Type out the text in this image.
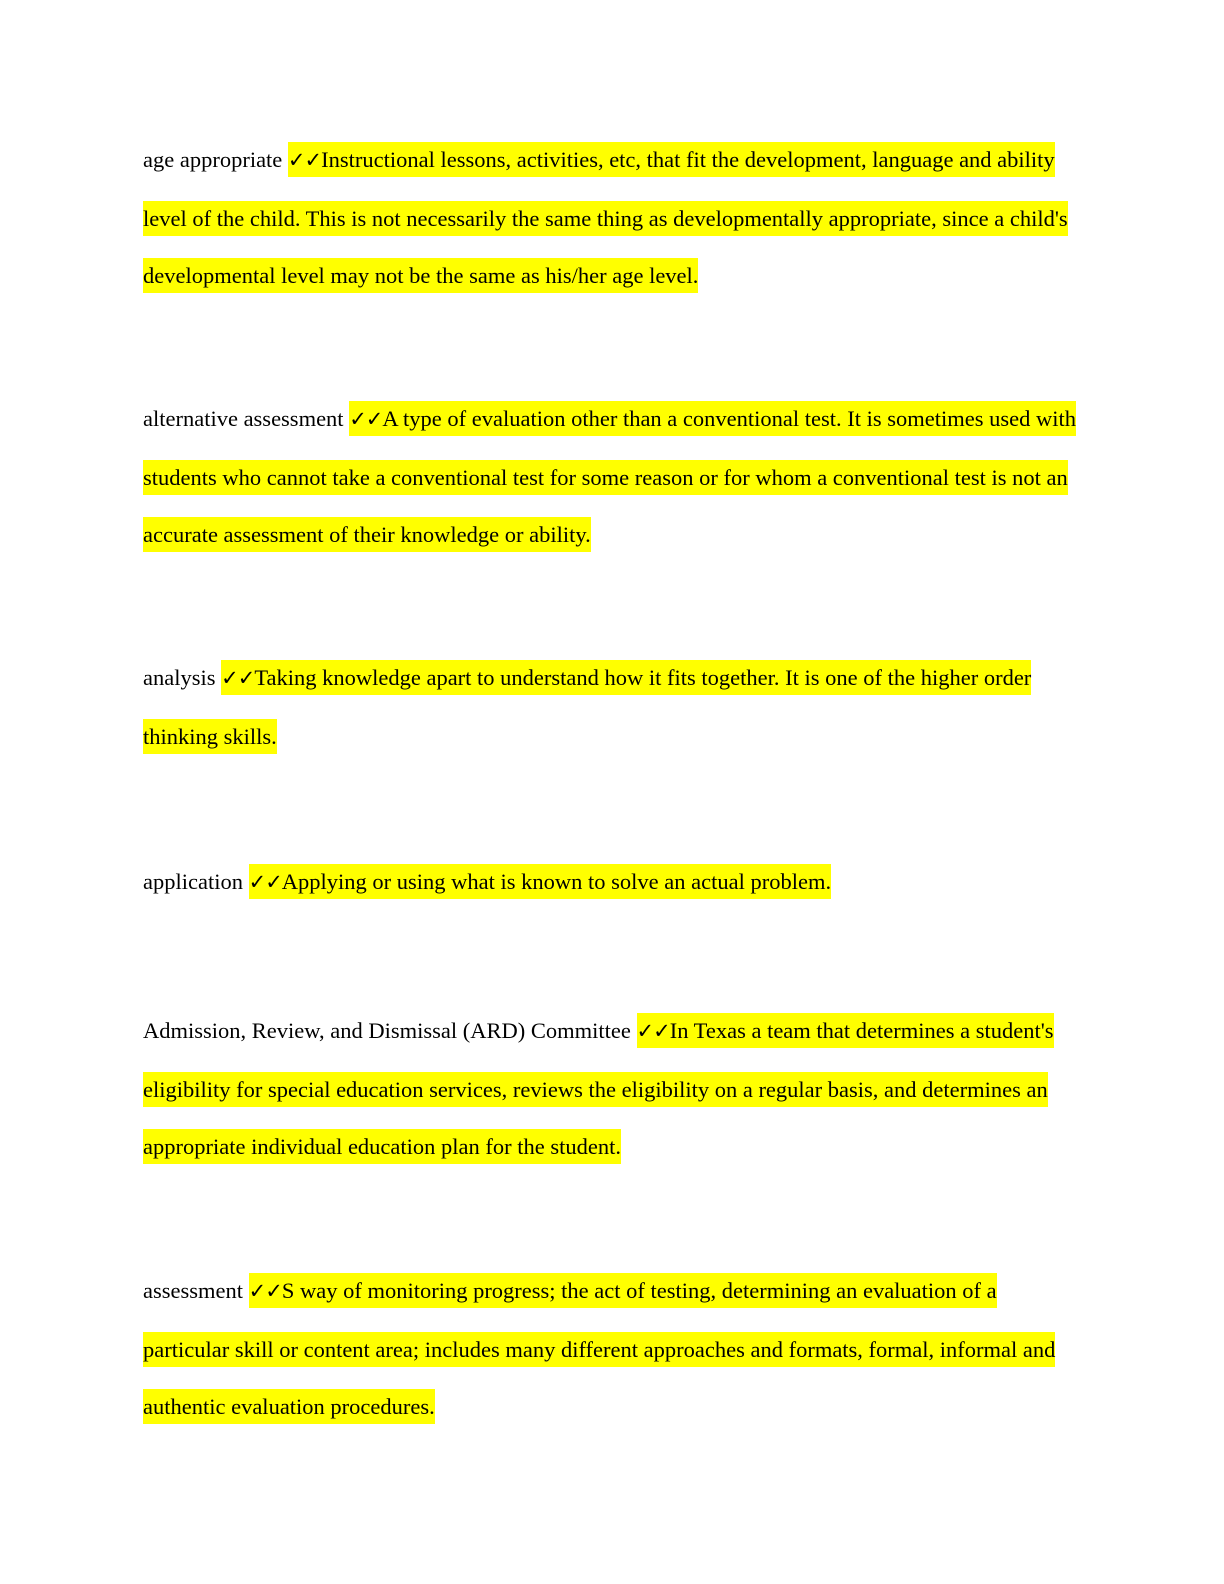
age appropriate ✓✓Instructional lessons, activities, etc, that fit the development, language and ability level of the child. This is not necessarily the same thing as developmentally appropriate, since a child's developmental level may not be the same as his/her age level.

alternative assessment ✓✓A type of evaluation other than a conventional test. It is sometimes used with students who cannot take a conventional test for some reason or for whom a conventional test is not an accurate assessment of their knowledge or ability.

analysis ✓✓Taking knowledge apart to understand how it fits together. It is one of the higher order thinking skills.

application ✓✓Applying or using what is known to solve an actual problem.

Admission, Review, and Dismissal (ARD) Committee ✓✓In Texas a team that determines a student's eligibility for special education services, reviews the eligibility on a regular basis, and determines an appropriate individual education plan for the student.

assessment ✓✓S way of monitoring progress; the act of testing, determining an evaluation of a particular skill or content area; includes many different approaches and formats, formal, informal and authentic evaluation procedures.
